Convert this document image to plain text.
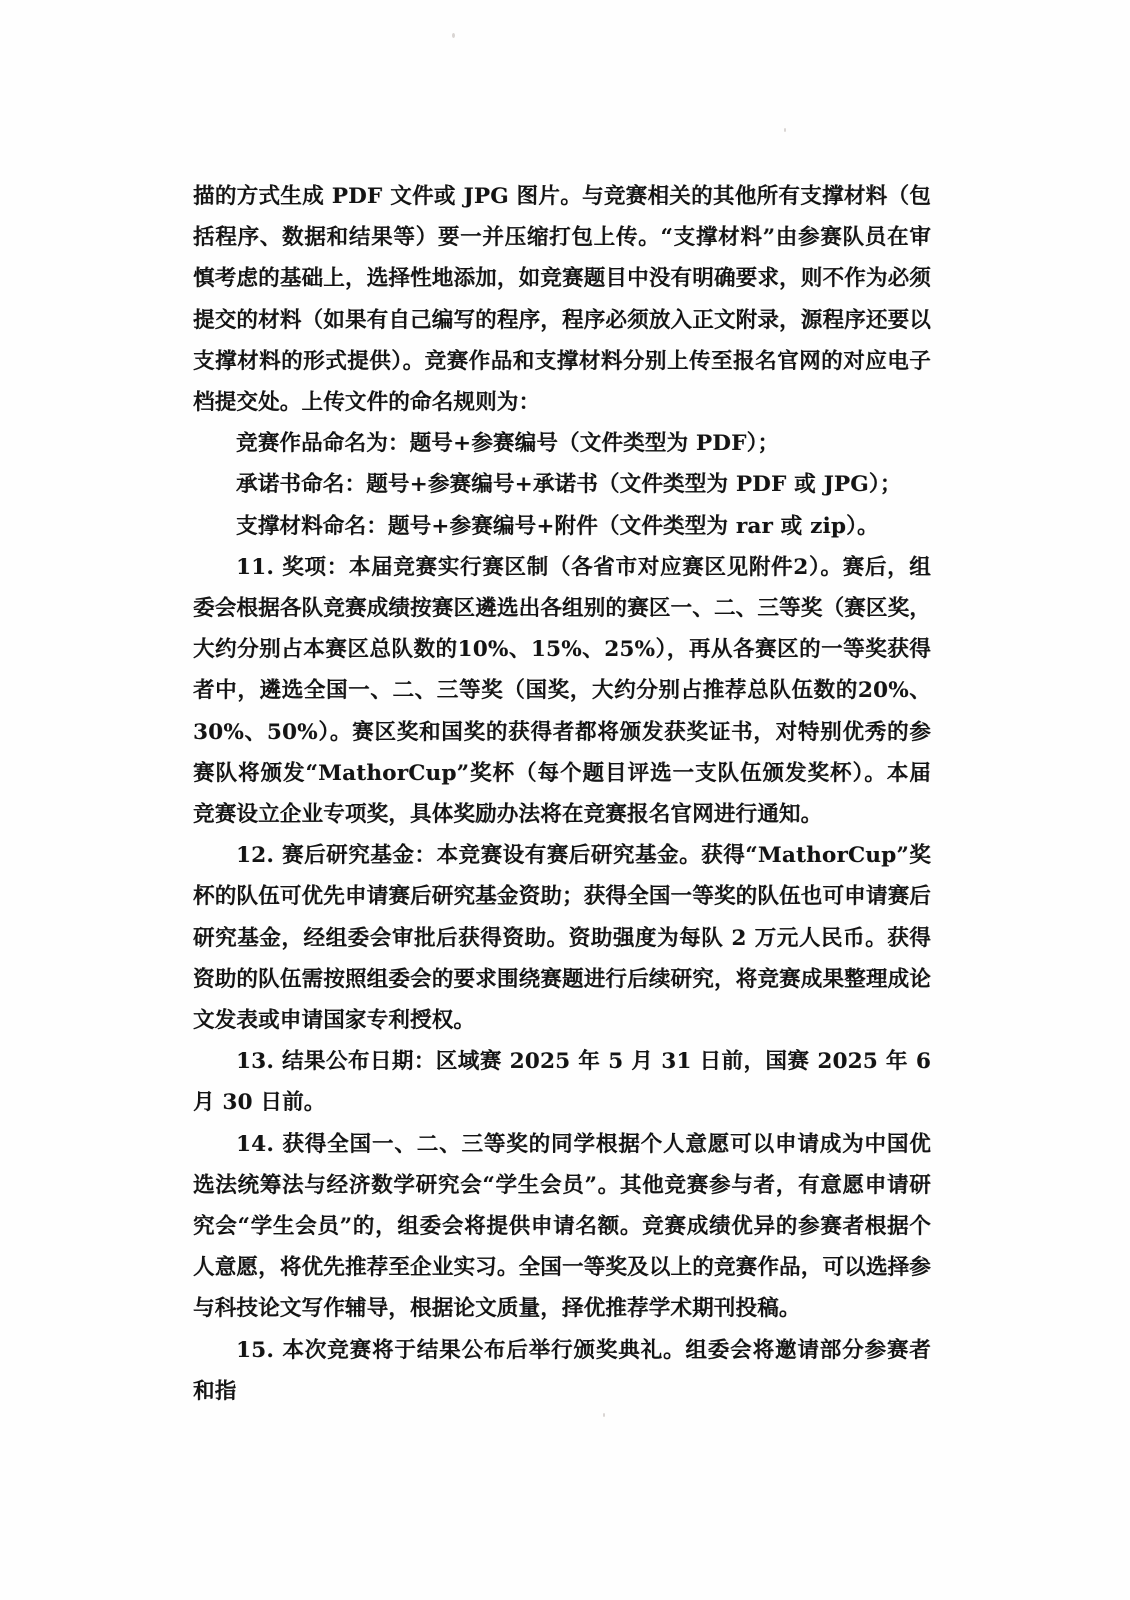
描的方式生成 PDF 文件或 JPG 图片。与竞赛相关的其他所有支撑材料（包括程序、数据和结果等）要一并压缩打包上传。“支撑材料”由参赛队员在审慎考虑的基础上，选择性地添加，如竞赛题目中没有明确要求，则不作为必须提交的材料（如果有自己编写的程序，程序必须放入正文附录，源程序还要以支撑材料的形式提供）。竞赛作品和支撑材料分别上传至报名官网的对应电子档提交处。上传文件的命名规则为：

竞赛作品命名为：题号+参赛编号（文件类型为 PDF）；

承诺书命名：题号+参赛编号+承诺书（文件类型为 PDF 或 JPG）；

支撑材料命名：题号+参赛编号+附件（文件类型为 rar 或 zip）。

11. 奖项：本届竞赛实行赛区制（各省市对应赛区见附件2）。赛后，组委会根据各队竞赛成绩按赛区遴选出各组别的赛区一、二、三等奖（赛区奖，大约分别占本赛区总队数的10%、15%、25%），再从各赛区的一等奖获得者中，遴选全国一、二、三等奖（国奖，大约分别占推荐总队伍数的20%、30%、50%）。赛区奖和国奖的获得者都将颁发获奖证书，对特别优秀的参赛队将颁发“MathorCup”奖杯（每个题目评选一支队伍颁发奖杯）。本届竞赛设立企业专项奖，具体奖励办法将在竞赛报名官网进行通知。

12. 赛后研究基金：本竞赛设有赛后研究基金。获得“MathorCup”奖杯的队伍可优先申请赛后研究基金资助；获得全国一等奖的队伍也可申请赛后研究基金，经组委会审批后获得资助。资助强度为每队 2 万元人民币。获得资助的队伍需按照组委会的要求围绕赛题进行后续研究，将竞赛成果整理成论文发表或申请国家专利授权。

13. 结果公布日期：区域赛 2025 年 5 月 31 日前，国赛 2025 年 6 月 30 日前。

14. 获得全国一、二、三等奖的同学根据个人意愿可以申请成为中国优选法统筹法与经济数学研究会“学生会员”。其他竞赛参与者，有意愿申请研究会“学生会员”的，组委会将提供申请名额。竞赛成绩优异的参赛者根据个人意愿，将优先推荐至企业实习。全国一等奖及以上的竞赛作品，可以选择参与科技论文写作辅导，根据论文质量，择优推荐学术期刊投稿。

15. 本次竞赛将于结果公布后举行颁奖典礼。组委会将邀请部分参赛者和指
